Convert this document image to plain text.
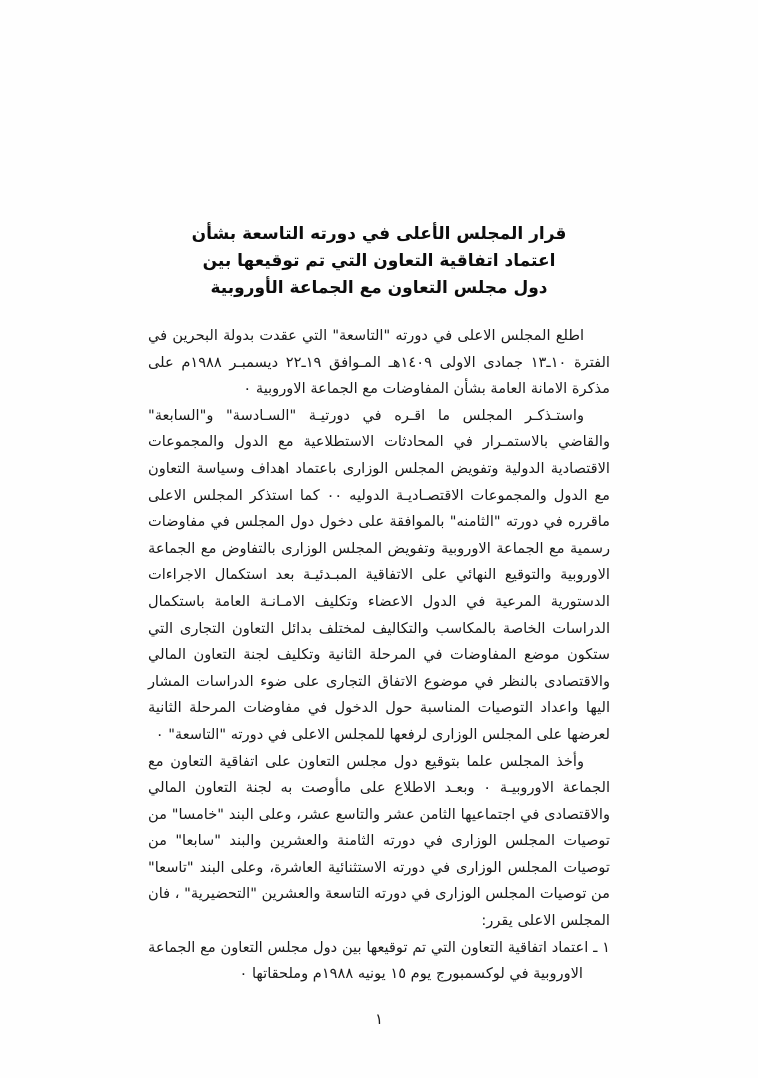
قرار المجلس الأعلى في دورته التاسعة بشأن
اعتماد اتفاقية التعاون التي تم توقيعها بين
دول مجلس التعاون مع الجماعة الأوروبية

اطلع المجلس الاعلى في دورته "التاسعة" التي عقدت بدولة البحرين في الفترة ١٠ـ١٣ جمادى الاولى ١٤٠٩هـ المـوافق ١٩ـ٢٢ ديسمبـر ١٩٨٨م على مذكرة الامانة العامة بشأن المفاوضات مع الجماعة الاوروبية ٠

واستـذكـر المجلس ما اقـره في دورتيـة "السـادسة" و"السابعة" والقاضي بالاستمـرار في المحادثات الاستطلاعية مع الدول والمجموعات الاقتصادية الدولية وتفويض المجلس الوزارى باعتماد اهداف وسياسة التعاون مع الدول والمجموعات الاقتصـاديـة الدوليه ٠٠ كما استذكر المجلس الاعلى ماقرره في دورته "الثامنه" بالموافقة على دخول دول المجلس في مفاوضات رسمية مع الجماعة الاوروبية وتفويض المجلس الوزارى بالتفاوض مع الجماعة الاوروبية والتوقيع النهائي على الاتفاقية المبـدئيـة بعد استكمال الاجراءات الدستورية المرعية في الدول الاعضاء وتكليف الامـانـة العامة باستكمال الدراسات الخاصة بالمكاسب والتكاليف لمختلف بدائل التعاون التجارى التي ستكون موضع المفاوضات في المرحلة الثانية وتكليف لجنة التعاون المالي والاقتصادى بالنظر في موضوع الاتفاق التجارى على ضوء الدراسات المشار اليها واعداد التوصيات المناسبة حول الدخول في مفاوضات المرحلة الثانية لعرضها على المجلس الوزارى لرفعها للمجلس الاعلى في دورته "التاسعة" ٠

وأخذ المجلس علما بتوقيع دول مجلس التعاون على اتفاقية التعاون مع الجماعة الاوروبيـة ٠ وبعـد الاطلاع على ماأوصت به لجنة التعاون المالي والاقتصادى في اجتماعيها الثامن عشر والتاسع عشر، وعلى البند "خامسا" من توصيات المجلس الوزارى في دورته الثامنة والعشرين والبند "سابعا" من توصيات المجلس الوزارى في دورته الاستثنائية العاشرة، وعلى البند "تاسعا" من توصيات المجلس الوزارى في دورته التاسعة والعشرين "التحضيرية" ، فان المجلس الاعلى يقرر:

١ ـ اعتماد اتفاقية التعاون التي تم توقيعها بين دول مجلس التعاون مع الجماعة الاوروبية في لوكسمبورج يوم ١٥ يونيه ١٩٨٨م وملحقاتها ٠
١
